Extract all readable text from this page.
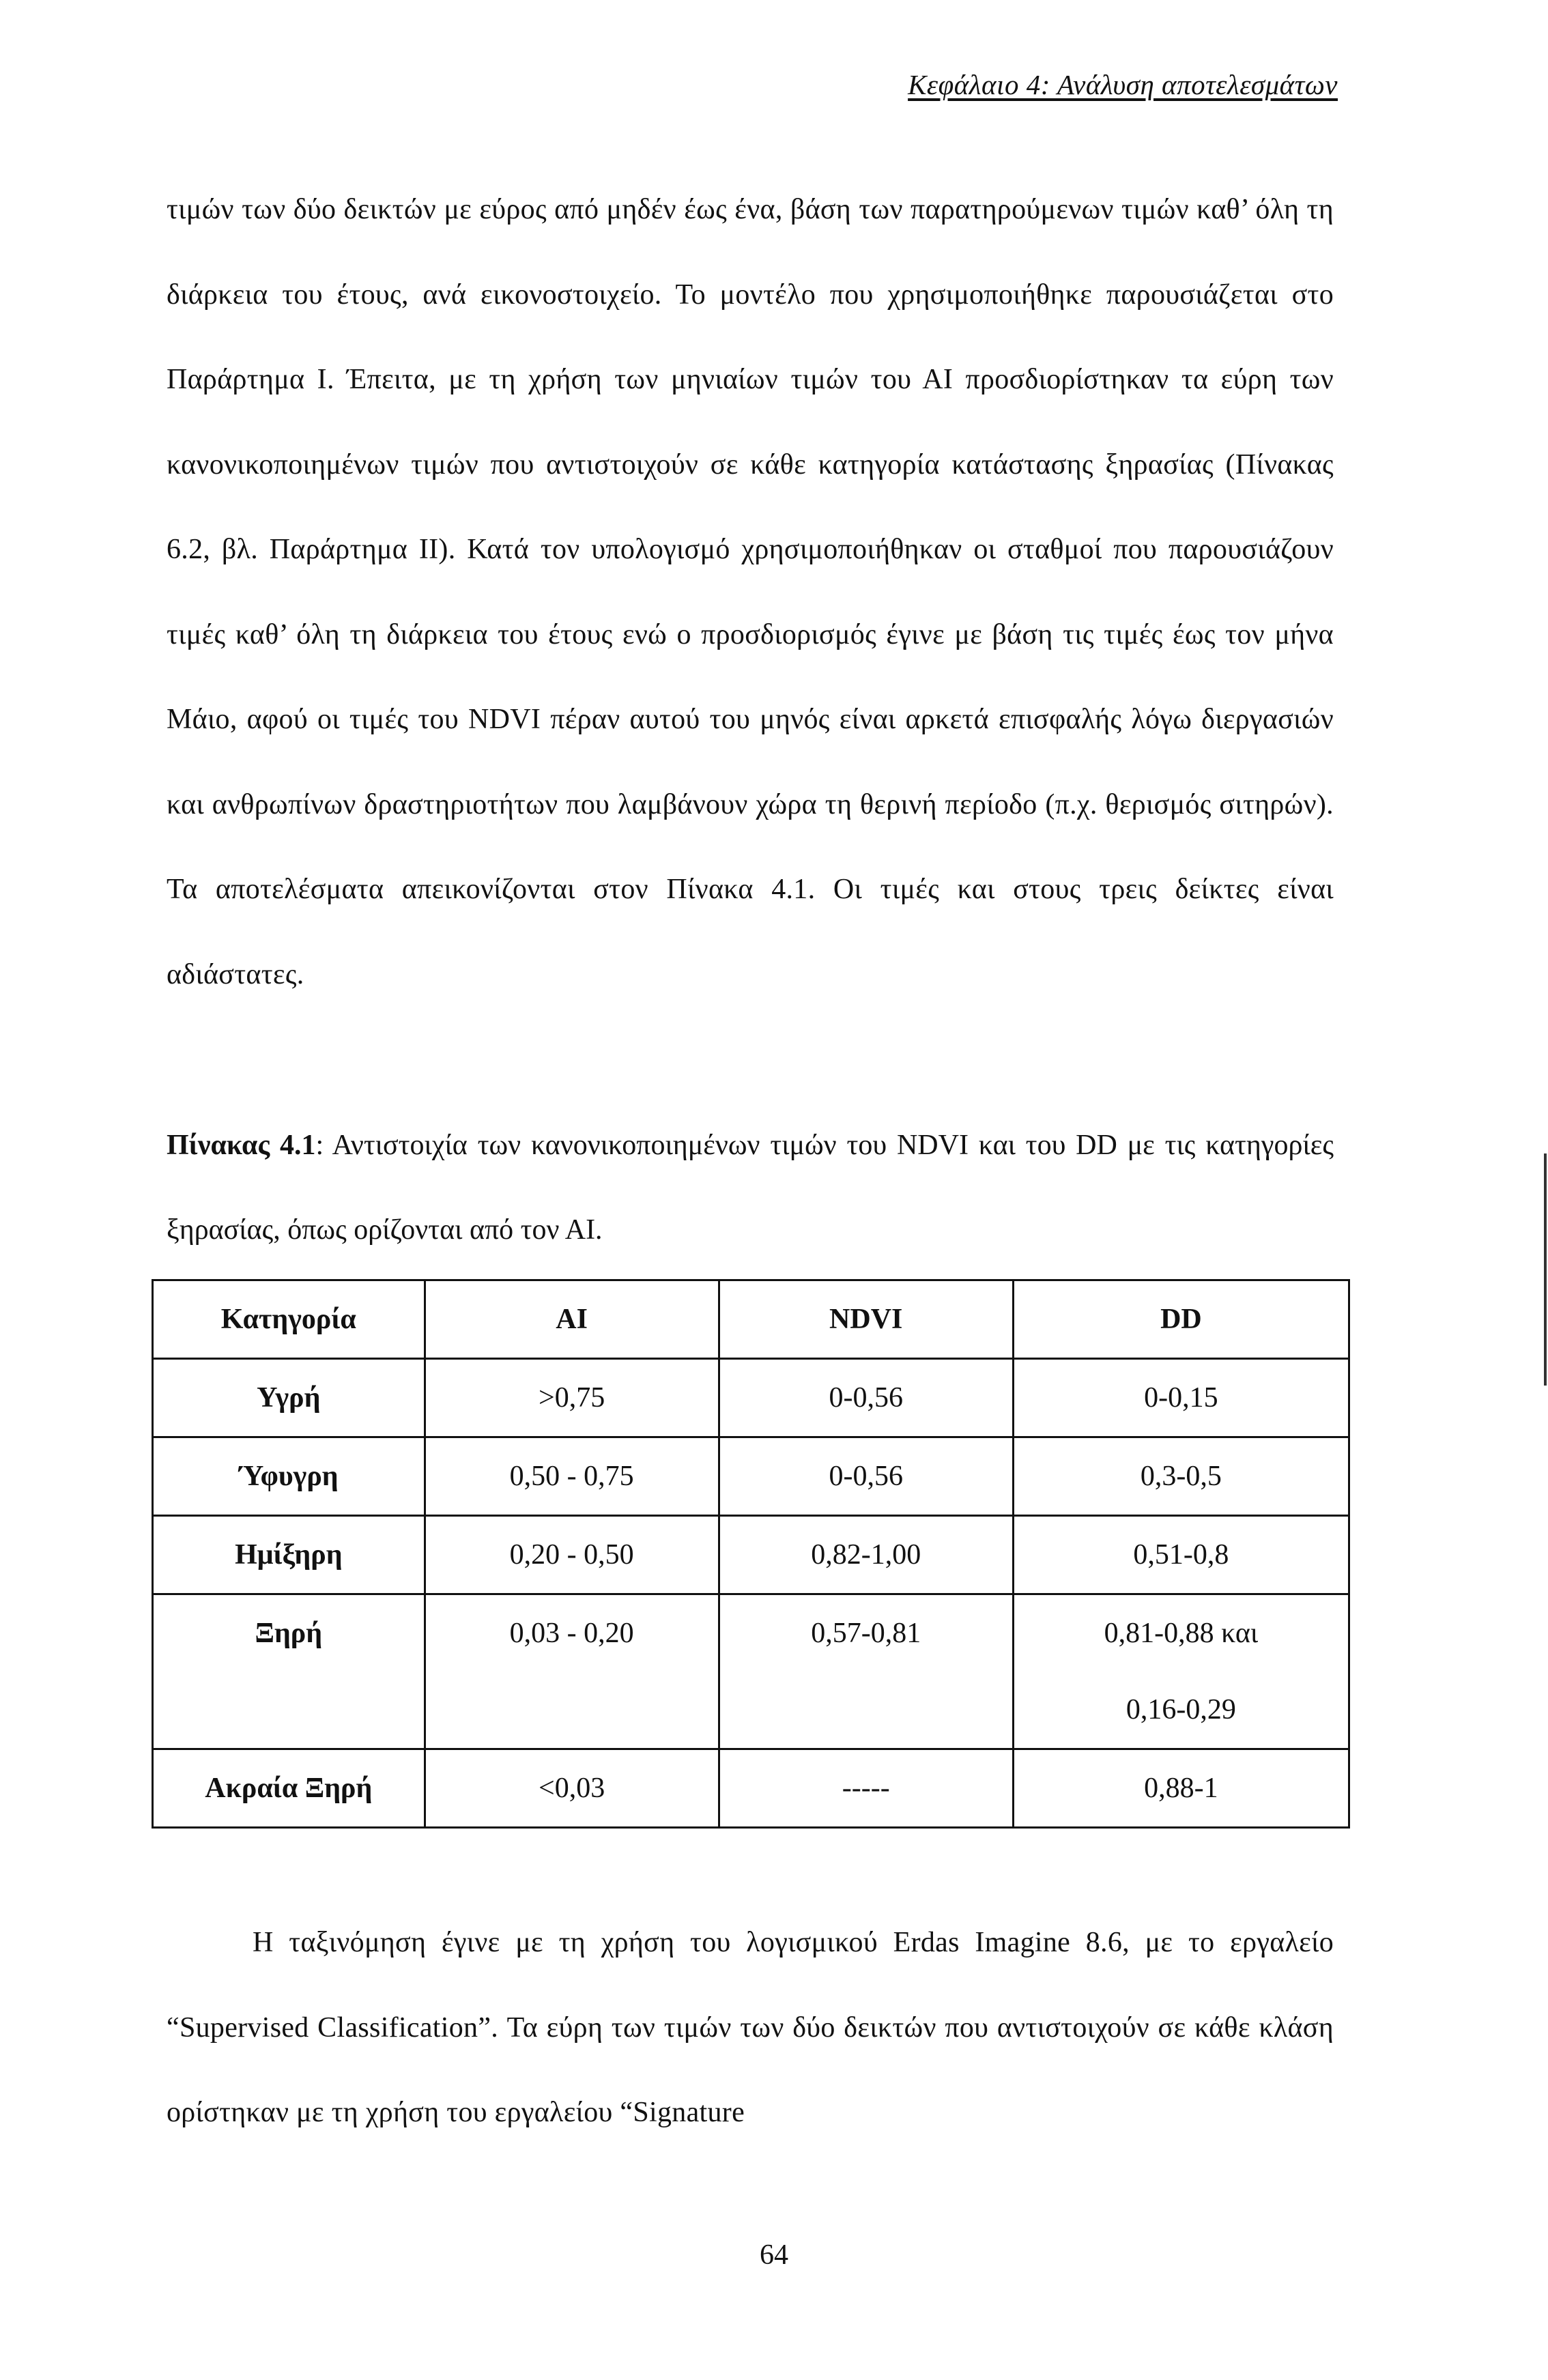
Κεφάλαιο 4: Ανάλυση αποτελεσμάτων
τιμών των δύο δεικτών με εύρος από μηδέν έως ένα, βάση των παρατηρούμενων τιμών καθ’ όλη τη διάρκεια του έτους, ανά εικονοστοιχείο. Το μοντέλο που χρησιμοποιήθηκε παρουσιάζεται στο Παράρτημα Ι. Έπειτα, με τη χρήση των μηνιαίων τιμών του ΑΙ προσδιορίστηκαν τα εύρη των κανονικοποιημένων τιμών που αντιστοιχούν σε κάθε κατηγορία κατάστασης ξηρασίας (Πίνακας 6.2, βλ. Παράρτημα ΙΙ). Κατά τον υπολογισμό χρησιμοποιήθηκαν οι σταθμοί που παρουσιάζουν τιμές καθ’ όλη τη διάρκεια του έτους ενώ ο προσδιορισμός έγινε με βάση τις τιμές έως τον μήνα Μάιο, αφού οι τιμές του NDVI πέραν αυτού του μηνός είναι αρκετά επισφαλής λόγω διεργασιών και ανθρωπίνων δραστηριοτήτων που λαμβάνουν χώρα τη θερινή περίοδο (π.χ. θερισμός σιτηρών). Τα αποτελέσματα απεικονίζονται στον Πίνακα 4.1. Οι τιμές και στους τρεις δείκτες είναι αδιάστατες.
Πίνακας 4.1: Αντιστοιχία των κανονικοποιημένων τιμών του NDVI και του DD με τις κατηγορίες ξηρασίας, όπως ορίζονται από τον ΑΙ.
Κατηγορία	ΑΙ	NDVI	DD
Υγρή	>0,75	0-0,56	0-0,15
Ύφυγρη	0,50 - 0,75	0-0,56	0,3-0,5
Ημίξηρη	0,20 - 0,50	0,82-1,00	0,51-0,8
Ξηρή	0,03 - 0,20	0,57-0,81	0,81-0,88 και
0,16-0,29

Ακραία Ξηρή	<0,03	-----	0,88-1
Η ταξινόμηση έγινε με τη χρήση του λογισμικού Erdas Imagine 8.6, με το εργαλείο “Supervised Classification”. Τα εύρη των τιμών των δύο δεικτών που αντιστοιχούν σε κάθε κλάση ορίστηκαν με τη χρήση του εργαλείου “Signature
64
